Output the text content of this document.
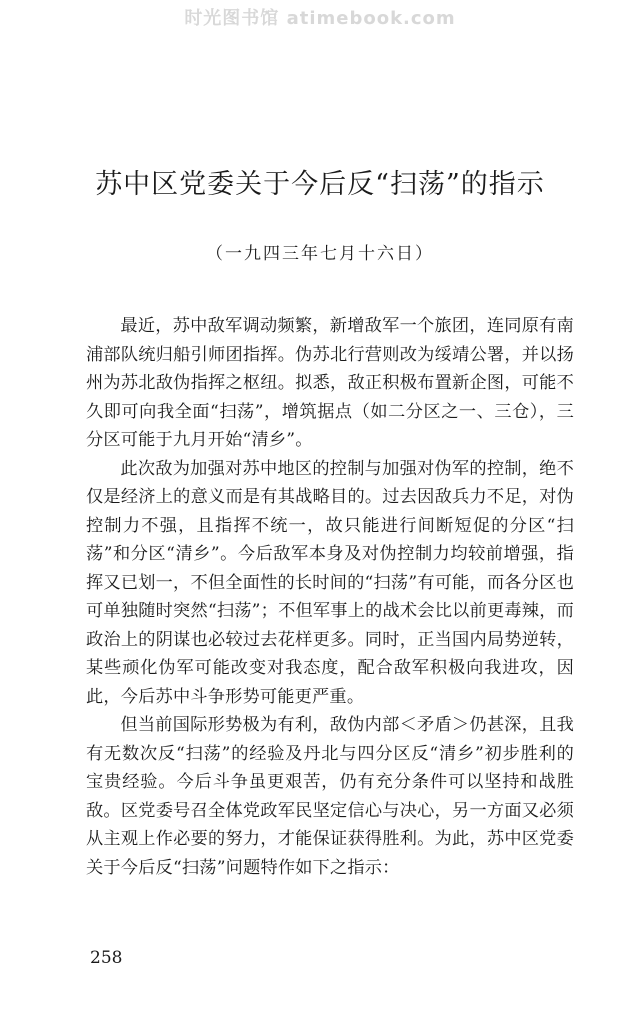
时光图书馆 atimebook.com
苏中区党委关于今后反“扫荡”的指示
（一九四三年七月十六日）

最近，苏中敌军调动频繁，新增敌军一个旅团，连同原有南浦部队统归船引师团指挥。伪苏北行营则改为绥靖公署，并以扬州为苏北敌伪指挥之枢纽。拟悉，敌正积极布置新企图，可能不久即可向我全面“扫荡”，增筑据点（如二分区之一、三仓），三分区可能于九月开始“清乡”。

此次敌为加强对苏中地区的控制与加强对伪军的控制，绝不仅是经济上的意义而是有其战略目的。过去因敌兵力不足，对伪控制力不强，且指挥不统一，故只能进行间断短促的分区“扫荡”和分区“清乡”。今后敌军本身及对伪控制力均较前增强，指挥又已划一，不但全面性的长时间的“扫荡”有可能，而各分区也可单独随时突然“扫荡”；不但军事上的战术会比以前更毒辣，而政治上的阴谋也必较过去花样更多。同时，正当国内局势逆转，某些顽化伪军可能改变对我态度，配合敌军积极向我进攻，因此，今后苏中斗争形势可能更严重。

但当前国际形势极为有利，敌伪内部＜矛盾＞仍甚深，且我有无数次反“扫荡”的经验及丹北与四分区反“清乡”初步胜利的宝贵经验。今后斗争虽更艰苦，仍有充分条件可以坚持和战胜敌。区党委号召全体党政军民坚定信心与决心，另一方面又必须从主观上作必要的努力，才能保证获得胜利。为此，苏中区党委关于今后反“扫荡”问题特作如下之指示：

258
